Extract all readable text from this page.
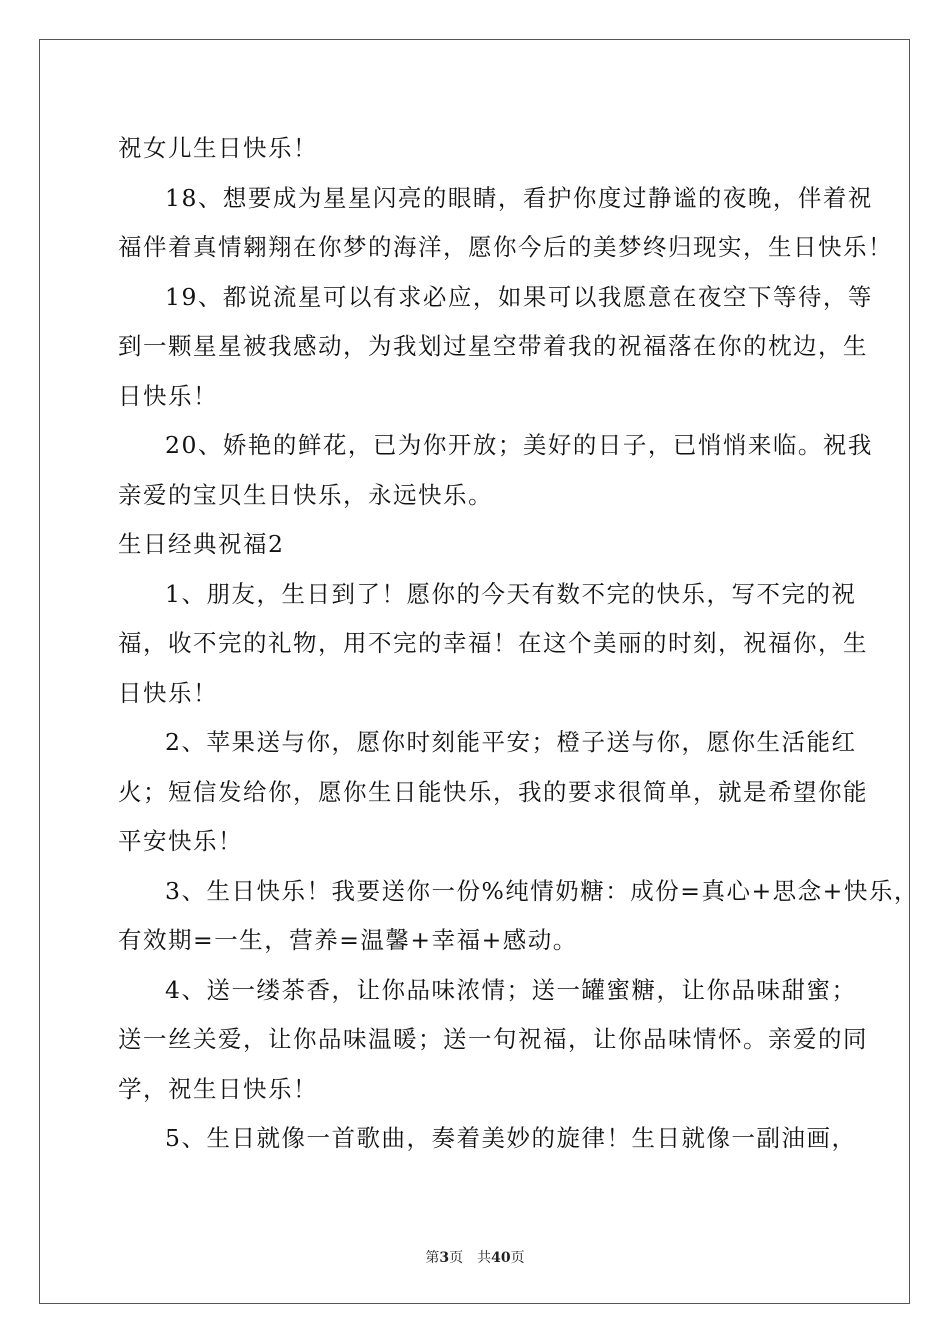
祝女儿生日快乐！
18、想要成为星星闪亮的眼睛，看护你度过静谧的夜晚，伴着祝
福伴着真情翱翔在你梦的海洋，愿你今后的美梦终归现实，生日快乐！
19、都说流星可以有求必应，如果可以我愿意在夜空下等待，等
到一颗星星被我感动，为我划过星空带着我的祝福落在你的枕边，生
日快乐！
20、娇艳的鲜花，已为你开放；美好的日子，已悄悄来临。祝我
亲爱的宝贝生日快乐，永远快乐。
生日经典祝福2
1、朋友，生日到了！愿你的今天有数不完的快乐，写不完的祝
福，收不完的礼物，用不完的幸福！在这个美丽的时刻，祝福你，生
日快乐！
2、苹果送与你，愿你时刻能平安；橙子送与你，愿你生活能红
火；短信发给你，愿你生日能快乐，我的要求很简单，就是希望你能
平安快乐！
3、生日快乐！我要送你一份%纯情奶糖：成份=真心+思念+快乐，
有效期=一生，营养=温馨+幸福+感动。
4、送一缕茶香，让你品味浓情；送一罐蜜糖，让你品味甜蜜；
送一丝关爱，让你品味温暖；送一句祝福，让你品味情怀。亲爱的同
学，祝生日快乐！
5、生日就像一首歌曲，奏着美妙的旋律！生日就像一副油画，
第3页 共40页
